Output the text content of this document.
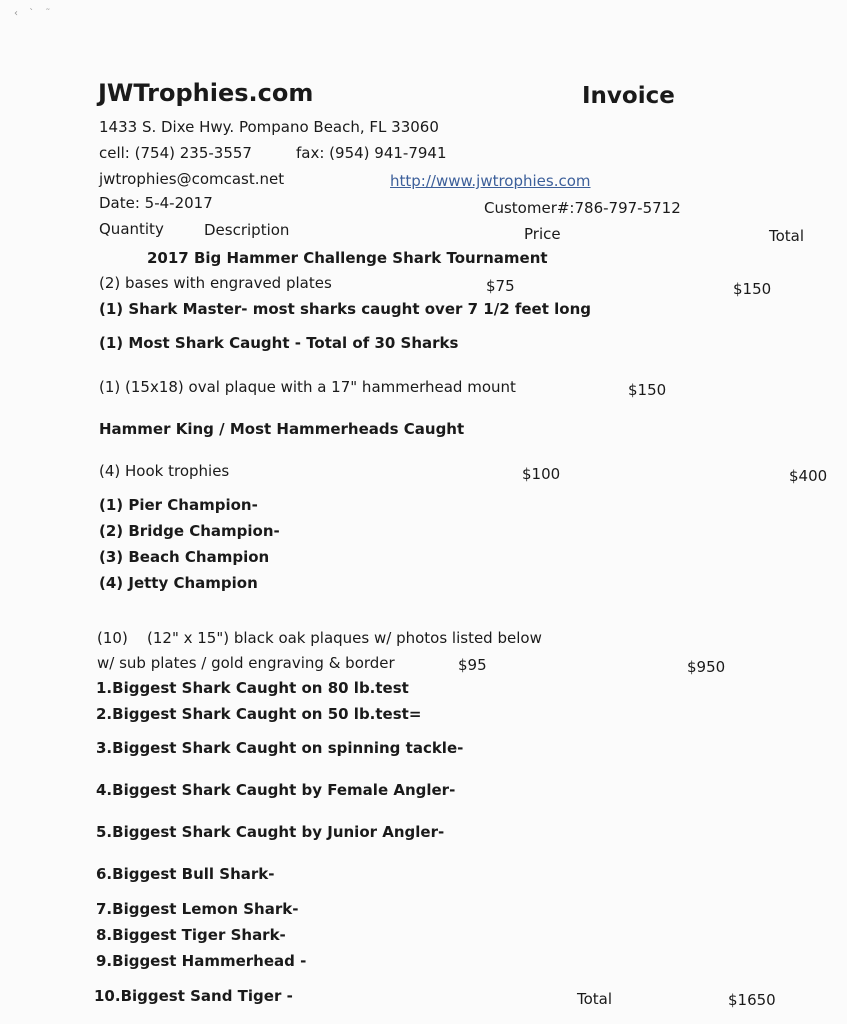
‹ ` ˜
JWTrophies.com	Invoice
1433 S. Dixe Hwy. Pompano Beach, FL 33060
cell: (754) 235-3557	fax: (954) 941-7941
jwtrophies@comcast.net	http://www.jwtrophies.com
Date: 5-4-2017	Customer#:786-797-5712
Quantity	Description	Price	Total
2017 Big Hammer Challenge Shark Tournament
(2) bases with engraved plates	$75	$150
(1) Shark Master- most sharks caught over 7 1/2 feet long
(1) Most Shark Caught - Total of 30 Sharks
(1) (15x18) oval plaque with a 17" hammerhead mount	$150
Hammer King / Most Hammerheads Caught
(4) Hook trophies	$100	$400
(1) Pier Champion-
(2) Bridge Champion-
(3) Beach Champion
(4) Jetty Champion
(10) (12" x 15") black oak plaques w/ photos listed below
w/ sub plates / gold engraving & border	$95	$950
1.Biggest Shark Caught on 80 lb.test
2.Biggest Shark Caught on 50 lb.test=
3.Biggest Shark Caught on spinning tackle-
4.Biggest Shark Caught by Female Angler-
5.Biggest Shark Caught by Junior Angler-
6.Biggest Bull Shark-
7.Biggest Lemon Shark-
8.Biggest Tiger Shark-
9.Biggest Hammerhead -
10.Biggest Sand Tiger -	Total	$1650
